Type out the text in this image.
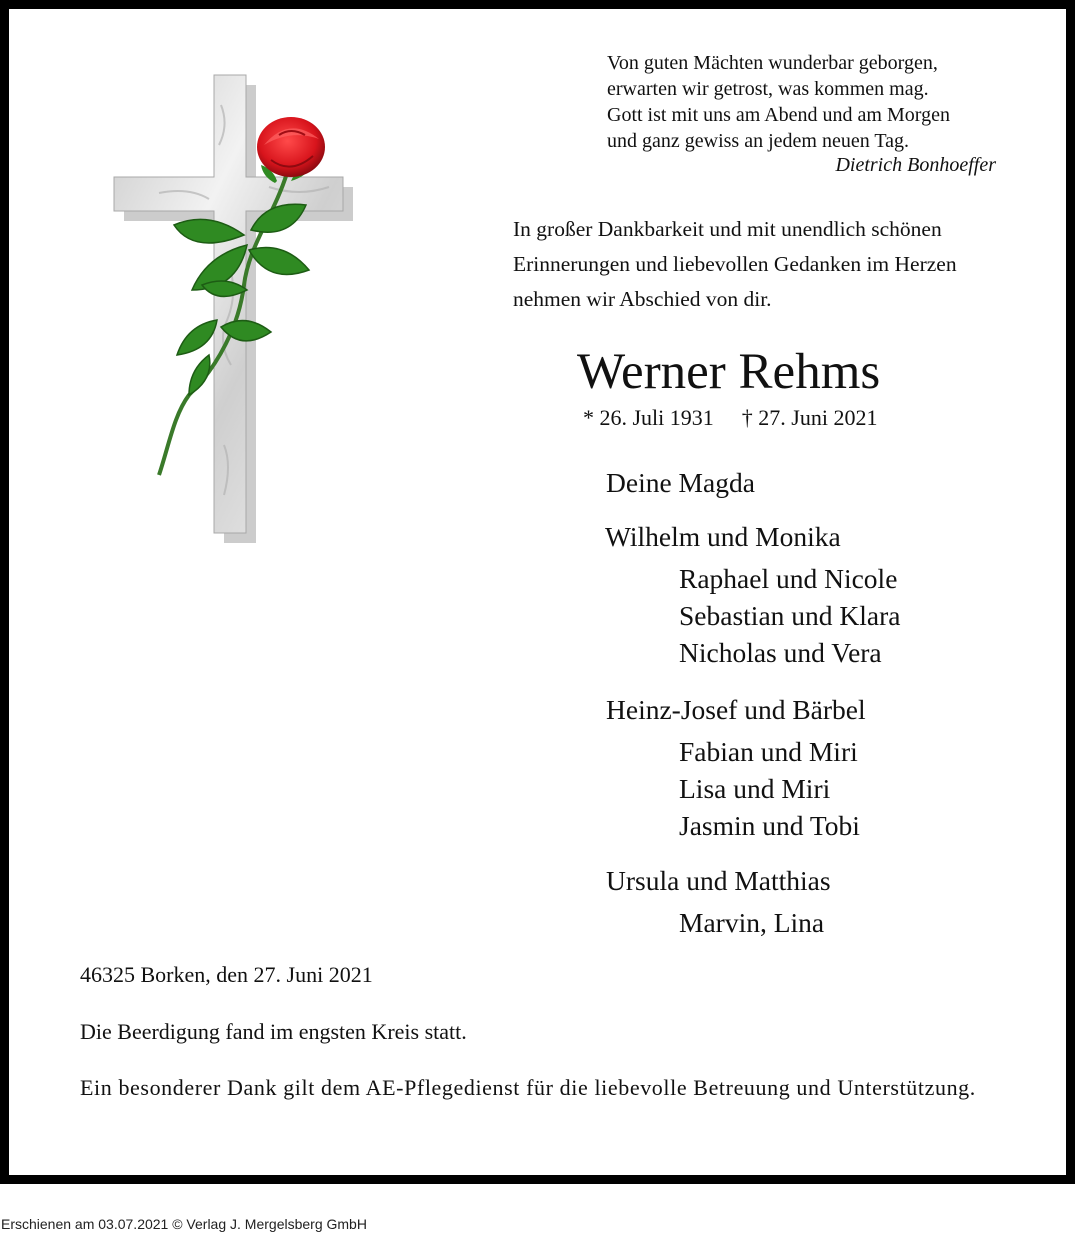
Von guten Mächten wunderbar geborgen,
erwarten wir getrost, was kommen mag.
Gott ist mit uns am Abend und am Morgen
und ganz gewiss an jedem neuen Tag.
Dietrich Bonhoeffer
In großer Dankbarkeit und mit unendlich schönen
Erinnerungen und liebevollen Gedanken im Herzen
nehmen wir Abschied von dir.
Werner Rehms
* 26. Juli 1931 † 27. Juni 2021
Deine Magda
Wilhelm und Monika
Raphael und Nicole
Sebastian und Klara
Nicholas und Vera
Heinz-Josef und Bärbel
Fabian und Miri
Lisa und Miri
Jasmin und Tobi
Ursula und Matthias
Marvin, Lina
46325 Borken, den 27. Juni 2021
Die Beerdigung fand im engsten Kreis statt.
Ein besonderer Dank gilt dem AE-Pflegedienst für die liebevolle Betreuung und Unterstützung.
Erschienen am 03.07.2021 © Verlag J. Mergelsberg GmbH
